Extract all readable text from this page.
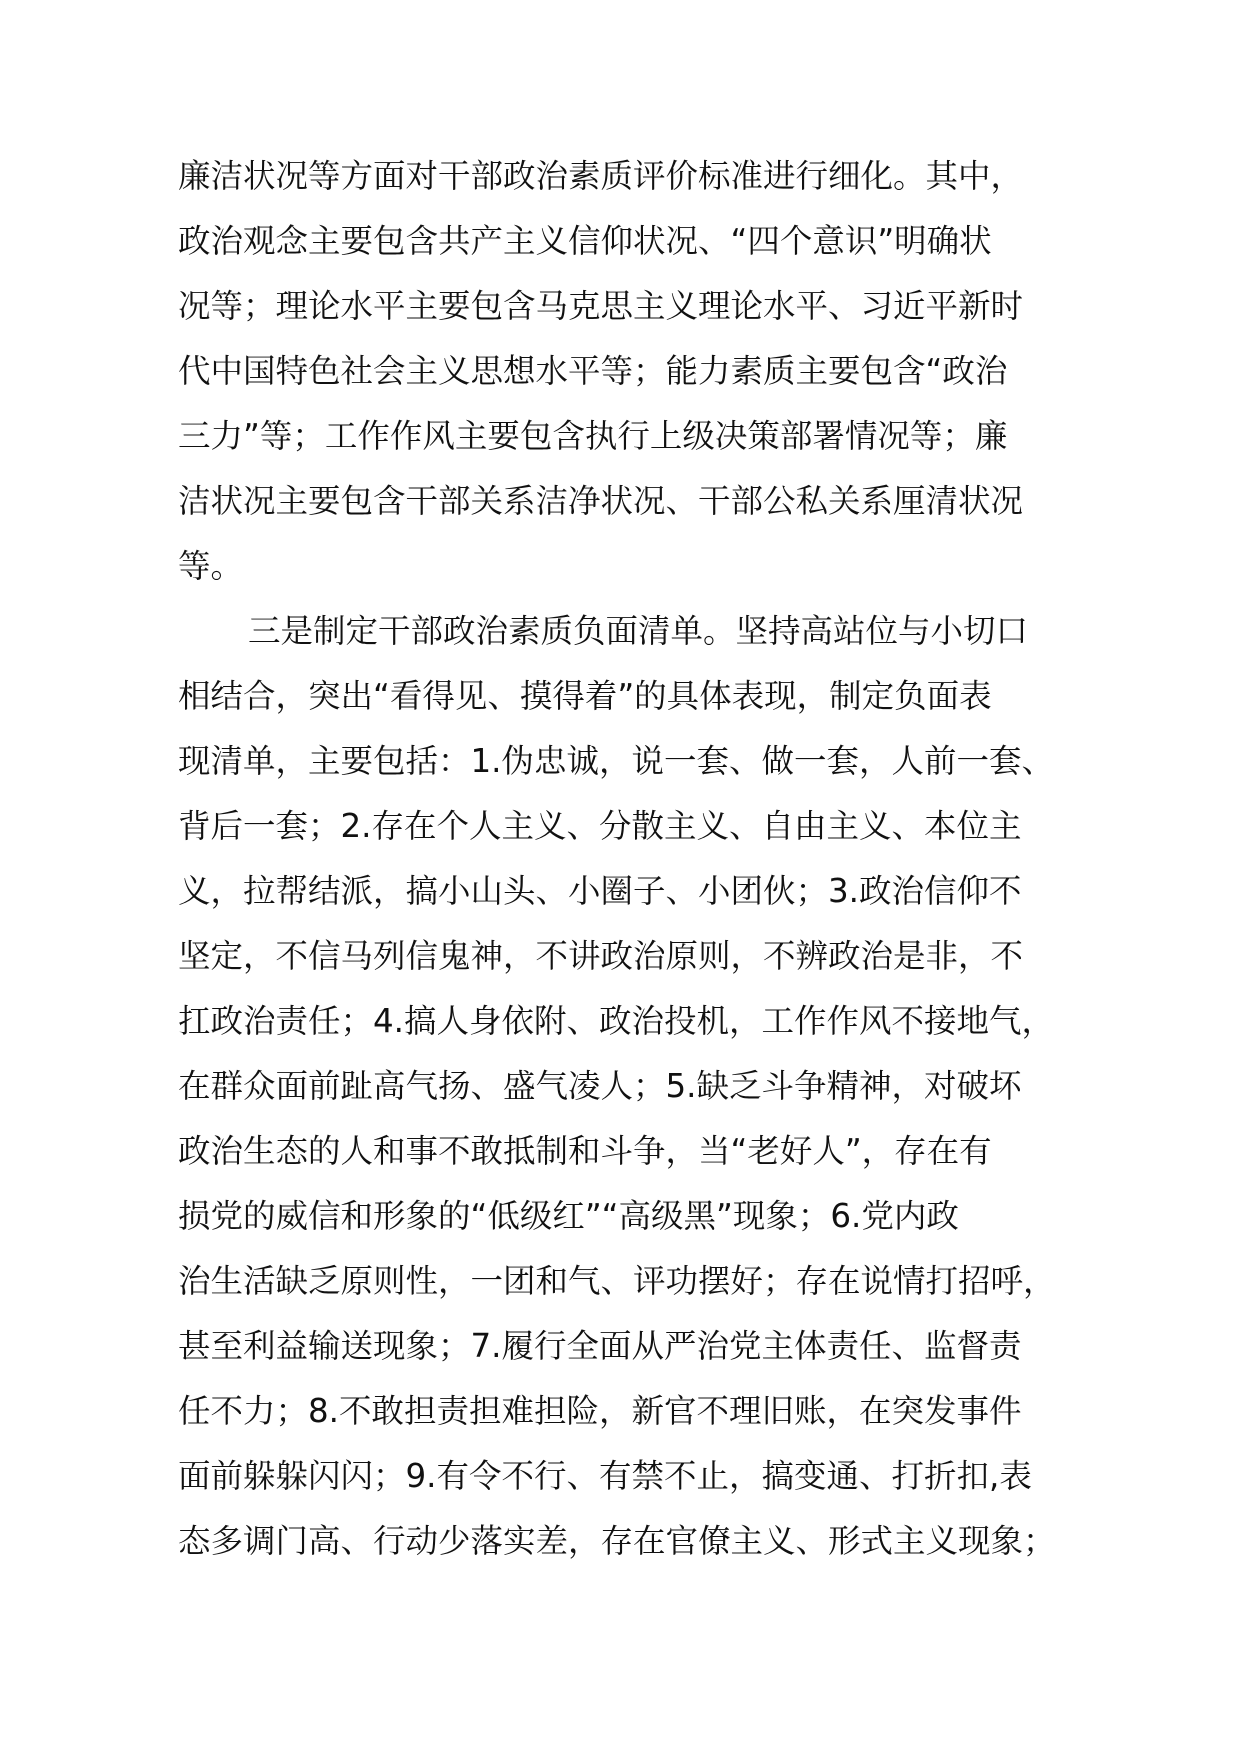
廉洁状况等方面对干部政治素质评价标准进行细化。其中，
政治观念主要包含共产主义信仰状况、“四个意识”明确状
况等；理论水平主要包含马克思主义理论水平、习近平新时
代中国特色社会主义思想水平等；能力素质主要包含“政治
三力”等；工作作风主要包含执行上级决策部署情况等；廉
洁状况主要包含干部关系洁净状况、干部公私关系厘清状况
等。
三是制定干部政治素质负面清单。坚持高站位与小切口
相结合，突出“看得见、摸得着”的具体表现，制定负面表
现清单，主要包括：1.伪忠诚，说一套、做一套，人前一套、
背后一套；2.存在个人主义、分散主义、自由主义、本位主
义，拉帮结派，搞小山头、小圈子、小团伙；3.政治信仰不
坚定，不信马列信鬼神，不讲政治原则，不辨政治是非，不
扛政治责任；4.搞人身依附、政治投机，工作作风不接地气，
在群众面前趾高气扬、盛气凌人；5.缺乏斗争精神，对破坏
政治生态的人和事不敢抵制和斗争，当“老好人”，存在有
损党的威信和形象的“低级红”“高级黑”现象；6.党内政
治生活缺乏原则性，一团和气、评功摆好；存在说情打招呼，
甚至利益输送现象；7.履行全面从严治党主体责任、监督责
任不力；8.不敢担责担难担险，新官不理旧账，在突发事件
面前躲躲闪闪；9.有令不行、有禁不止，搞变通、打折扣,表
态多调门高、行动少落实差，存在官僚主义、形式主义现象；
